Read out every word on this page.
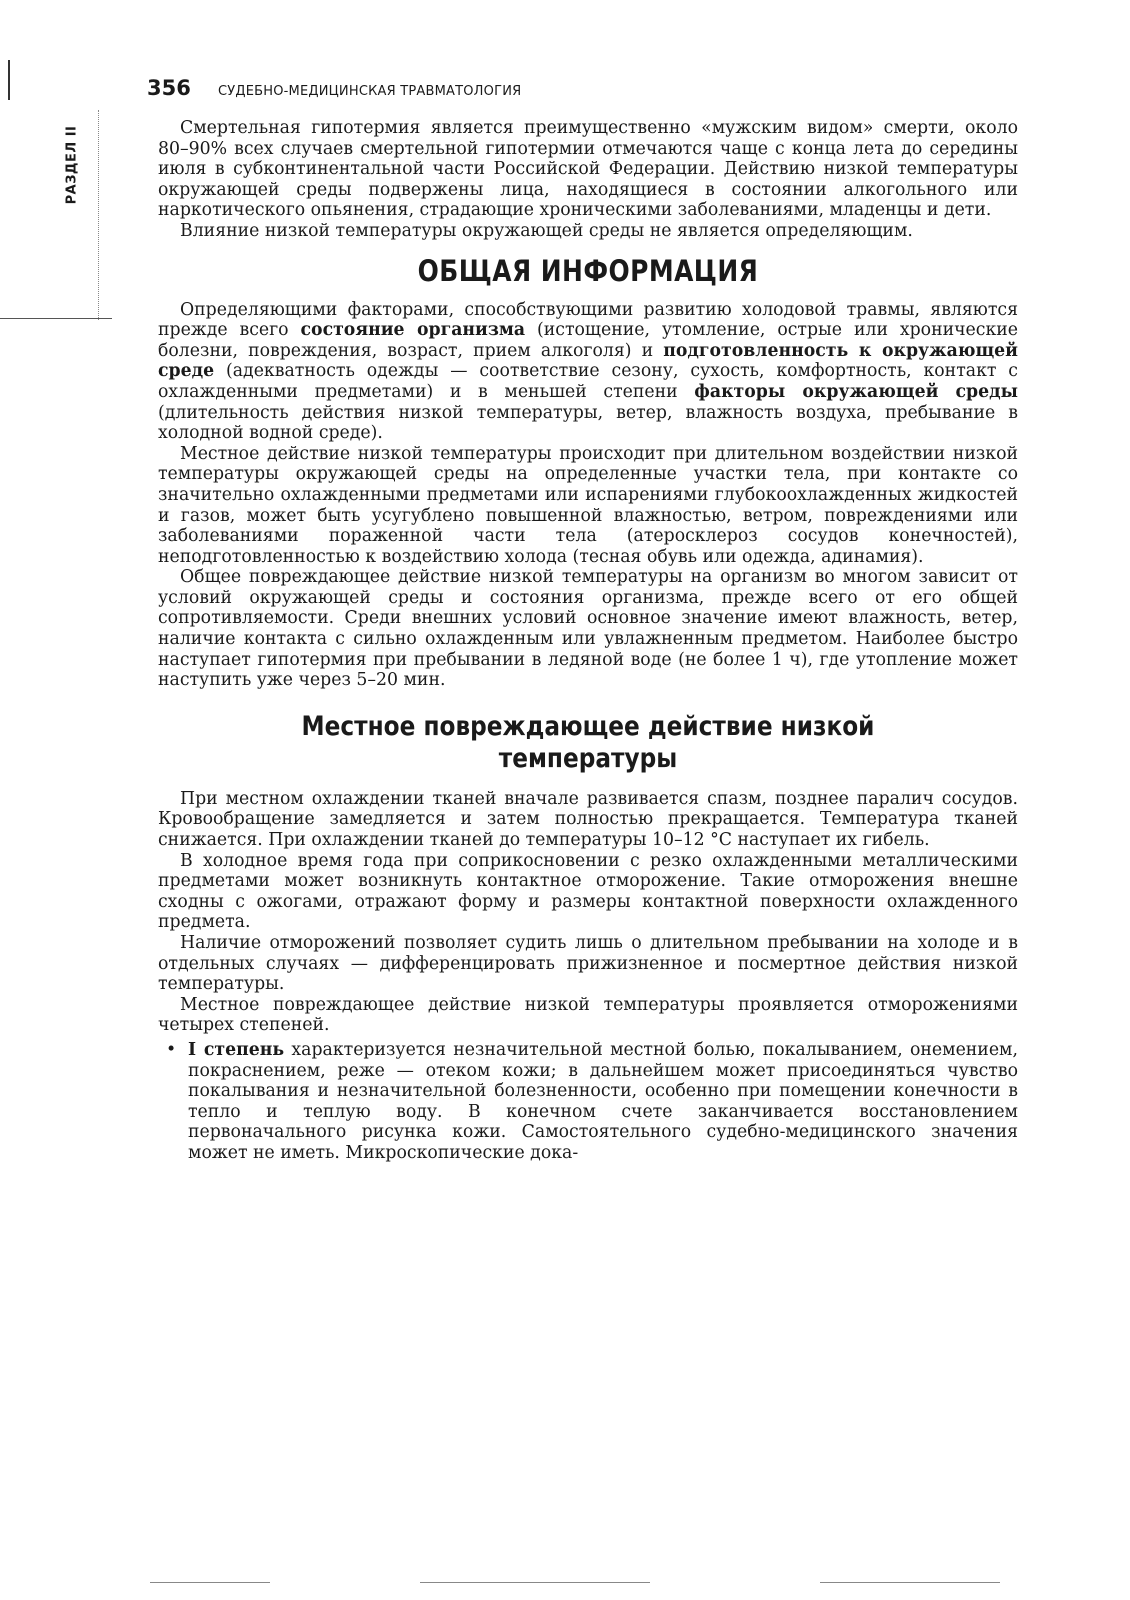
РАЗДЕЛ II
356 СУДЕБНО-МЕДИЦИНСКАЯ ТРАВМАТОЛОГИЯ

Смертельная гипотермия является преимущественно «мужским видом» смерти, около 80–90% всех случаев смертельной гипотермии отмечаются чаще с конца лета до середины июля в субконтинентальной части Российской Федерации. Действию низкой температуры окружающей среды подвержены лица, находящиеся в состоянии алкогольного или наркотического опьянения, страдающие хроническими заболеваниями, младенцы и дети.

Влияние низкой температуры окружающей среды не является определяющим.

ОБЩАЯ ИНФОРМАЦИЯ

Определяющими факторами, способствующими развитию холодовой травмы, являются прежде всего состояние организма (истощение, утомление, острые или хронические болезни, повреждения, возраст, прием алкоголя) и подготовленность к окружающей среде (адекватность одежды — соответствие сезону, сухость, комфортность, контакт с охлажденными предметами) и в меньшей степени факторы окружающей среды (длительность действия низкой температуры, ветер, влажность воздуха, пребывание в холодной водной среде).

Местное действие низкой температуры происходит при длительном воздействии низкой температуры окружающей среды на определенные участки тела, при контакте со значительно охлажденными предметами или испарениями глубокоохлажденных жидкостей и газов, может быть усугублено повышенной влажностью, ветром, повреждениями или заболеваниями пораженной части тела (атеросклероз сосудов конечностей), неподготовленностью к воздействию холода (тесная обувь или одежда, адинамия).

Общее повреждающее действие низкой температуры на организм во многом зависит от условий окружающей среды и состояния организма, прежде всего от его общей сопротивляемости. Среди внешних условий основное значение имеют влажность, ветер, наличие контакта с сильно охлажденным или увлажненным предметом. Наиболее быстро наступает гипотермия при пребывании в ледяной воде (не более 1 ч), где утопление может наступить уже через 5–20 мин.

Местное повреждающее действие низкой температуры

При местном охлаждении тканей вначале развивается спазм, позднее паралич сосудов. Кровообращение замедляется и затем полностью прекращается. Температура тканей снижается. При охлаждении тканей до температуры 10–12 °С наступает их гибель.

В холодное время года при соприкосновении с резко охлажденными металлическими предметами может возникнуть контактное отморожение. Такие отморожения внешне сходны с ожогами, отражают форму и размеры контактной поверхности охлажденного предмета.

Наличие отморожений позволяет судить лишь о длительном пребывании на холоде и в отдельных случаях — дифференцировать прижизненное и посмертное действия низкой температуры.

Местное повреждающее действие низкой температуры проявляется отморожениями четырех степеней.

• I степень характеризуется незначительной местной болью, покалыванием, онемением, покраснением, реже — отеком кожи; в дальнейшем может присоединяться чувство покалывания и незначительной болезненности, особенно при помещении конечности в тепло и теплую воду. В конечном счете заканчивается восстановлением первоначального рисунка кожи. Самостоятельного судебно-медицинского значения может не иметь. Микроскопические дока-
